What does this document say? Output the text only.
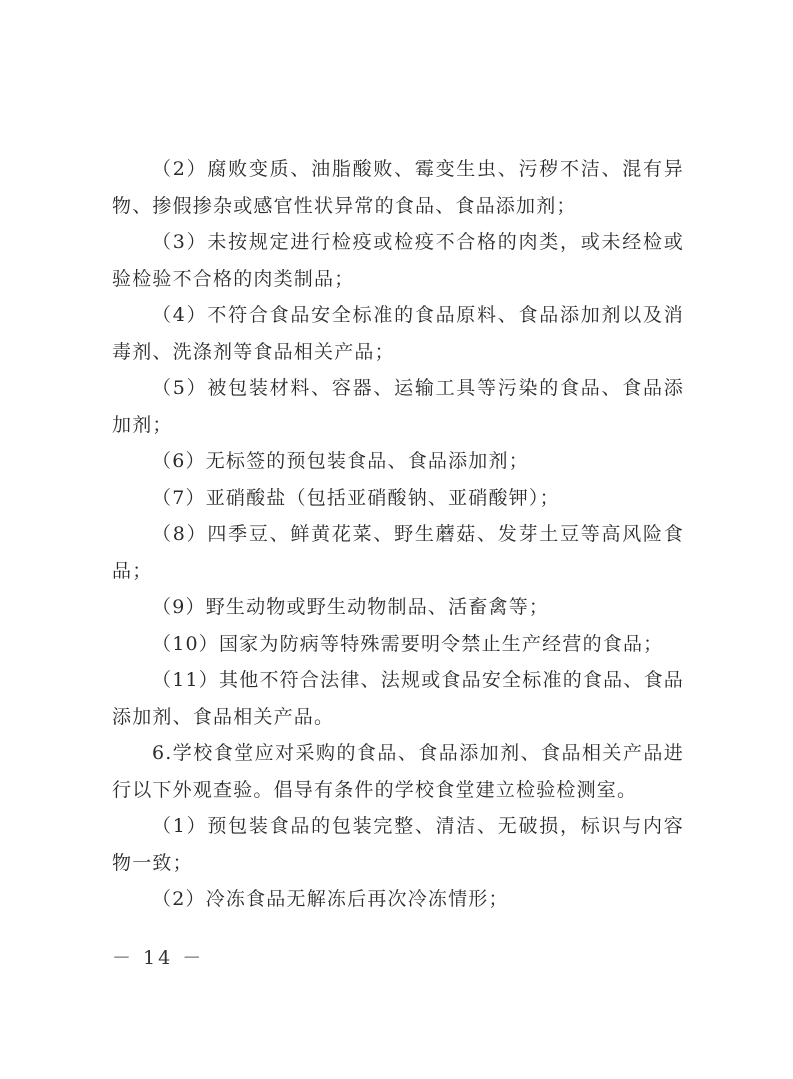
（2）腐败变质、油脂酸败、霉变生虫、污秽不洁、混有异物、掺假掺杂或感官性状异常的食品、食品添加剂；

（3）未按规定进行检疫或检疫不合格的肉类，或未经检或验检验不合格的肉类制品；

（4）不符合食品安全标准的食品原料、食品添加剂以及消毒剂、洗涤剂等食品相关产品；

（5）被包装材料、容器、运输工具等污染的食品、食品添加剂；

（6）无标签的预包装食品、食品添加剂；

（7）亚硝酸盐（包括亚硝酸钠、亚硝酸钾）；

（8）四季豆、鲜黄花菜、野生蘑菇、发芽土豆等高风险食品；

（9）野生动物或野生动物制品、活畜禽等；

（10）国家为防病等特殊需要明令禁止生产经营的食品；

（11）其他不符合法律、法规或食品安全标准的食品、食品添加剂、食品相关产品。

6.学校食堂应对采购的食品、食品添加剂、食品相关产品进行以下外观查验。倡导有条件的学校食堂建立检验检测室。

（1）预包装食品的包装完整、清洁、无破损，标识与内容物一致；

（2）冷冻食品无解冻后再次冷冻情形；

－ 14 －
